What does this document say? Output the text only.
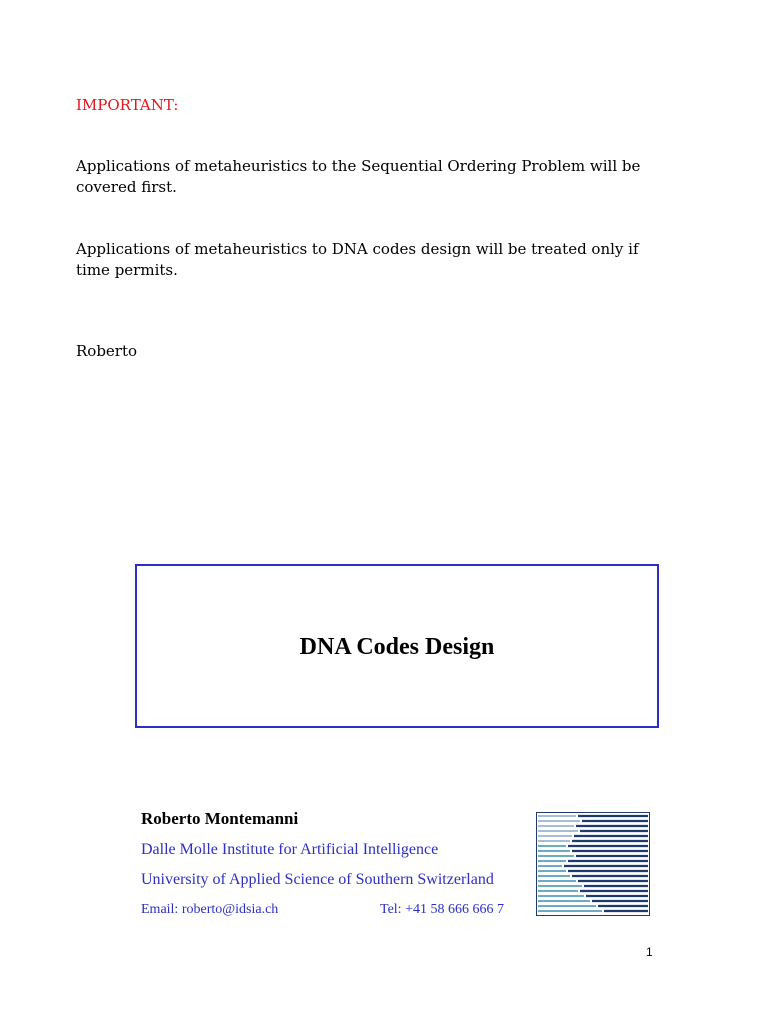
IMPORTANT:
Applications of metaheuristics to the Sequential Ordering Problem will be covered first.
Applications of metaheuristics to DNA codes design will be treated only if time permits.
Roberto
DNA Codes Design
Roberto Montemanni
Dalle Molle Institute for Artificial Intelligence
University of Applied Science of Southern Switzerland
Email: roberto@idsia.ch	Tel: +41 58 666 666 7
1
